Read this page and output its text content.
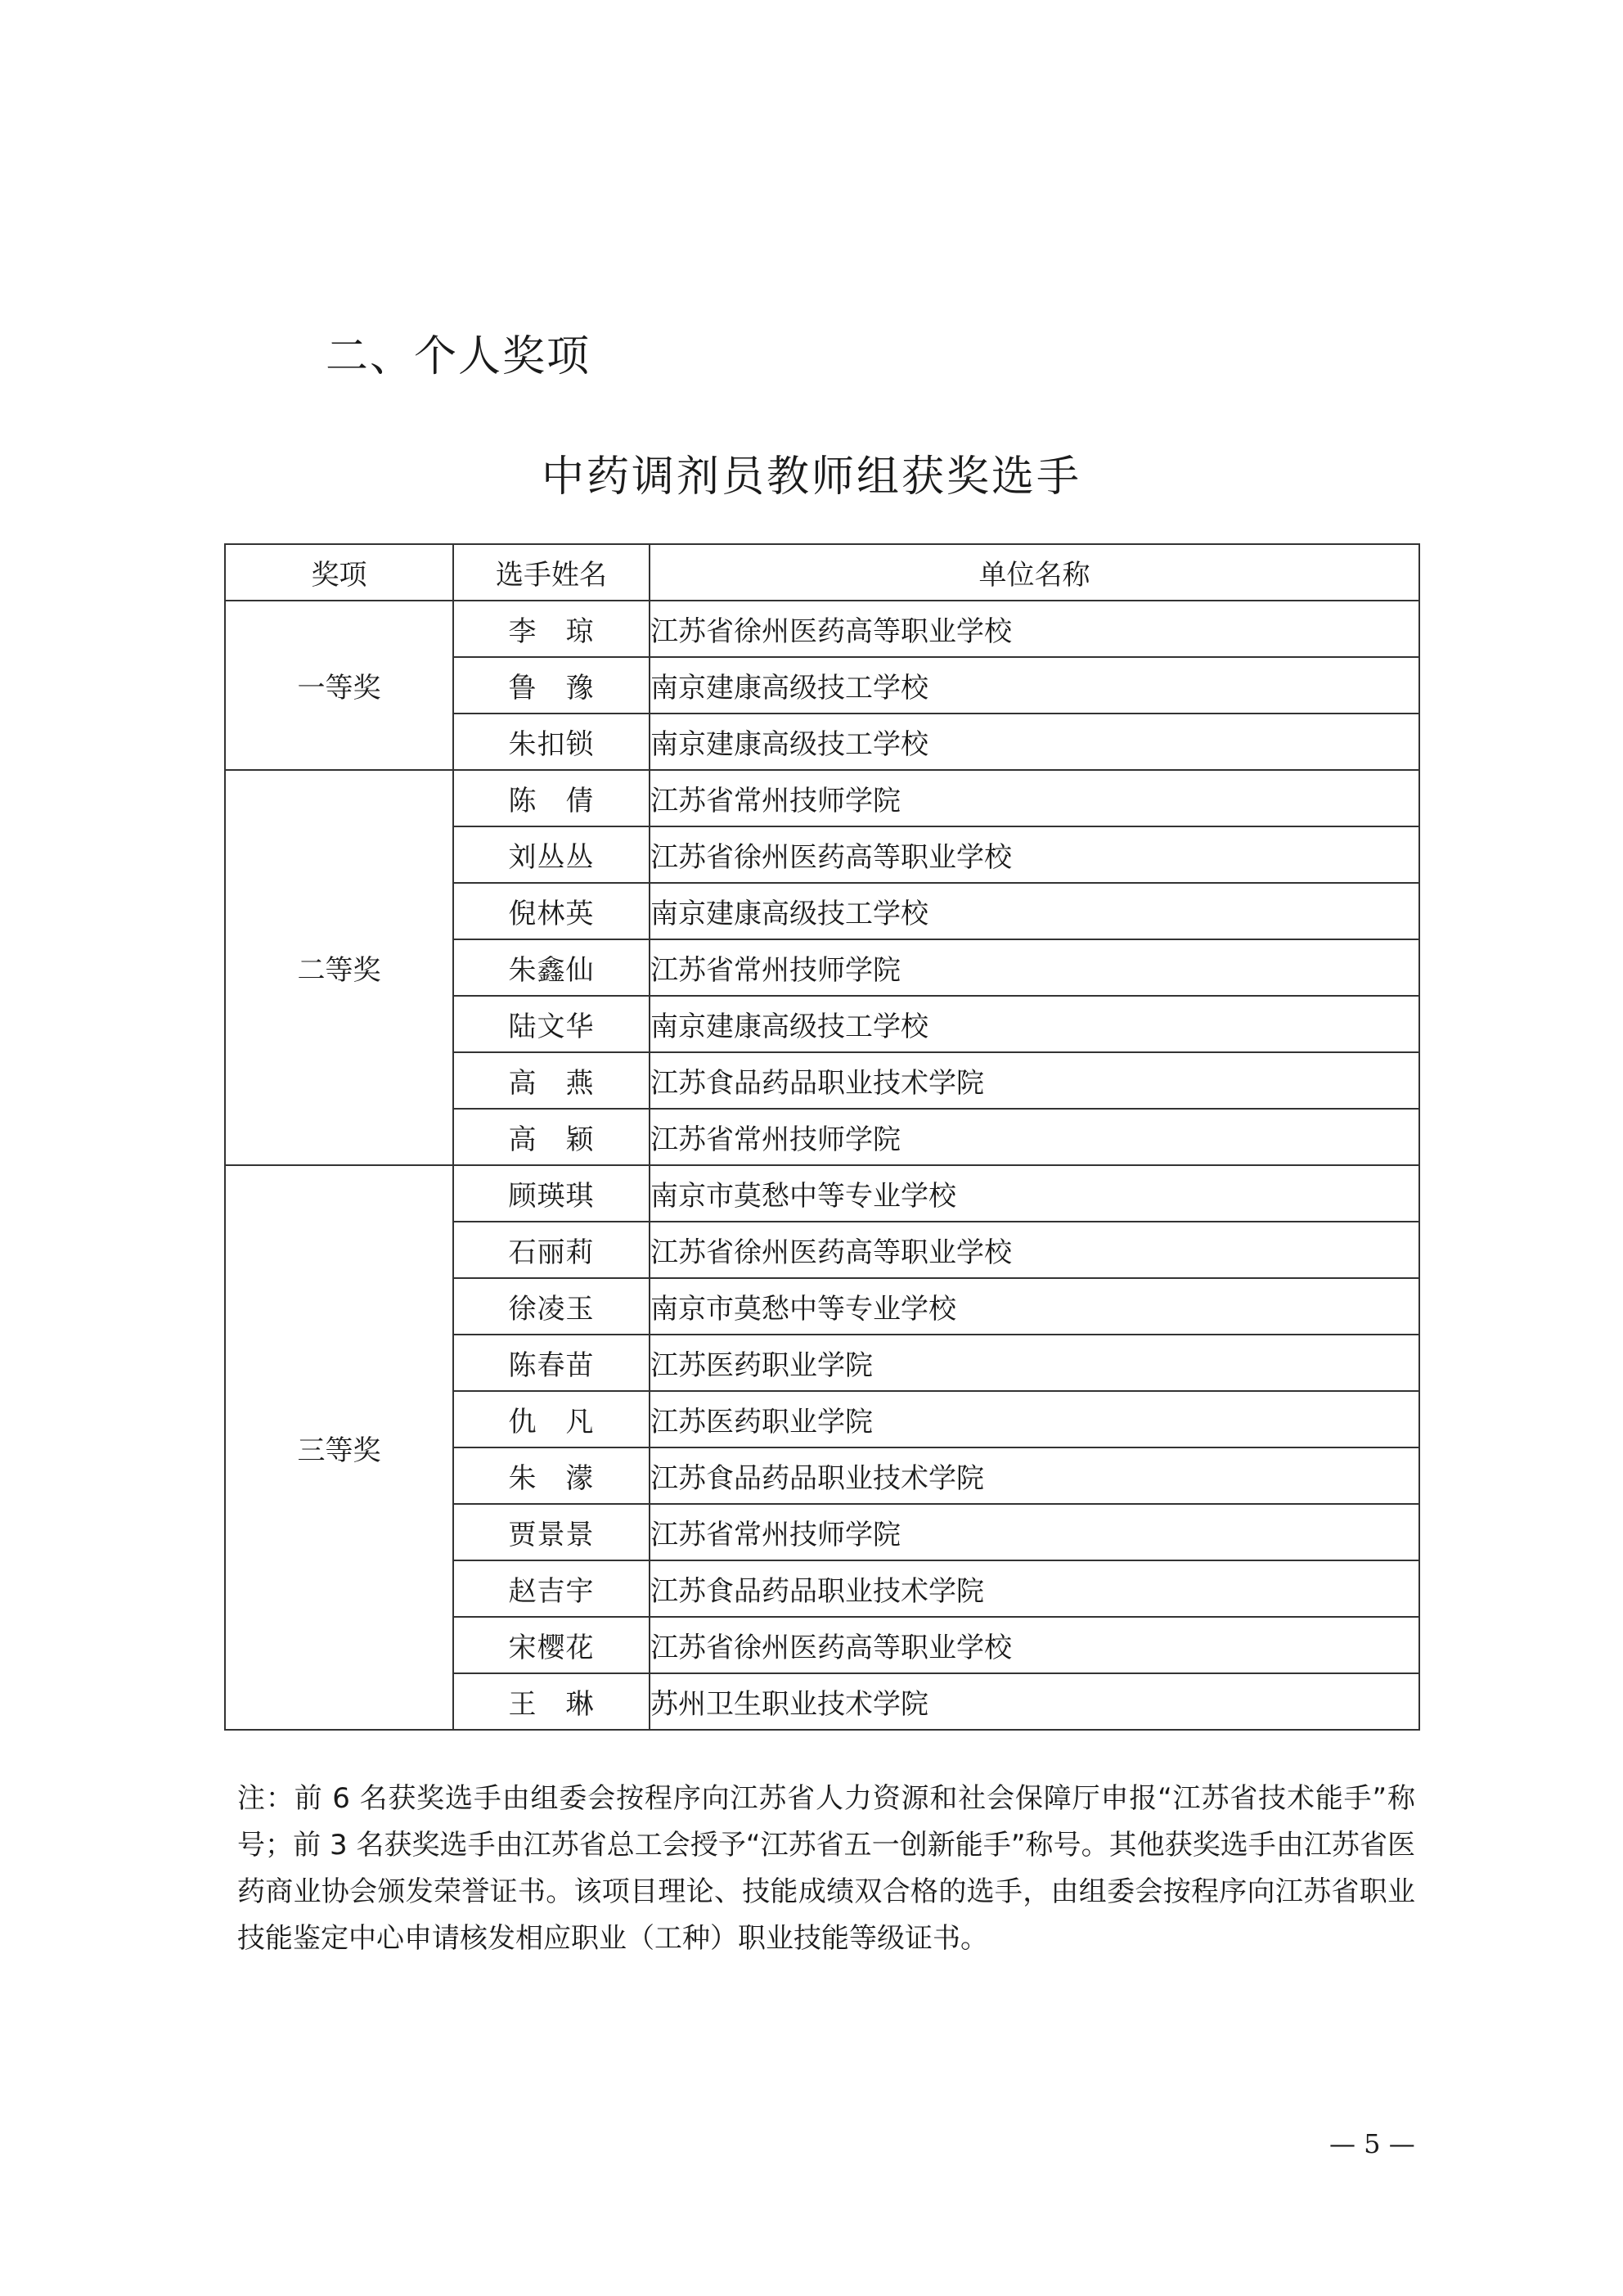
二、个人奖项
中药调剂员教师组获奖选手
奖项	选手姓名	单位名称
一等奖	李　琼	江苏省徐州医药高等职业学校
	鲁　豫	南京建康高级技工学校
	朱扣锁	南京建康高级技工学校
二等奖	陈　倩	江苏省常州技师学院
	刘丛丛	江苏省徐州医药高等职业学校
	倪林英	南京建康高级技工学校
	朱鑫仙	江苏省常州技师学院
	陆文华	南京建康高级技工学校
	高　燕	江苏食品药品职业技术学院
	高　颖	江苏省常州技师学院
三等奖	顾瑛琪	南京市莫愁中等专业学校
	石丽莉	江苏省徐州医药高等职业学校
	徐凌玉	南京市莫愁中等专业学校
	陈春苗	江苏医药职业学院
	仇　凡	江苏医药职业学院
	朱　濛	江苏食品药品职业技术学院
	贾景景	江苏省常州技师学院
	赵吉宇	江苏食品药品职业技术学院
	宋樱花	江苏省徐州医药高等职业学校
	王　琳	苏州卫生职业技术学院

注：前 6 名获奖选手由组委会按程序向江苏省人力资源和社会保障厅申报“江苏省技术能手”称号；前 3 名获奖选手由江苏省总工会授予“江苏省五一创新能手”称号。其他获奖选手由江苏省医药商业协会颁发荣誉证书。该项目理论、技能成绩双合格的选手，由组委会按程序向江苏省职业技能鉴定中心申请核发相应职业（工种）职业技能等级证书。

— 5 —
